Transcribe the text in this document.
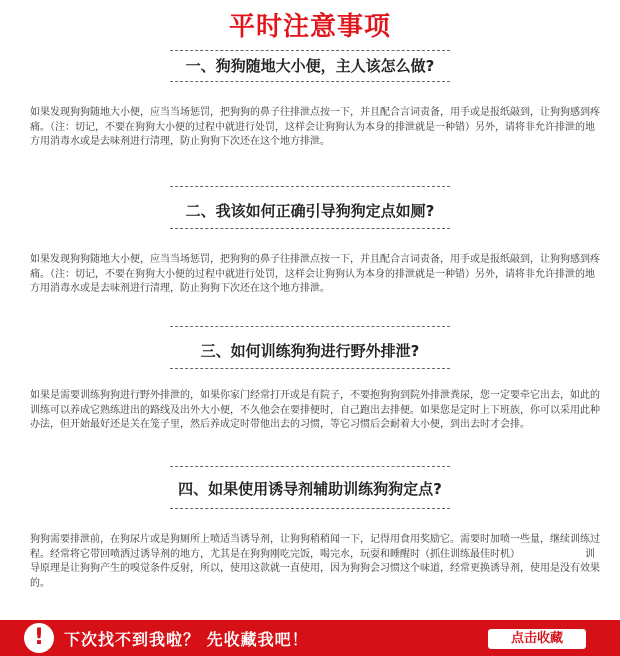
平时注意事项
一、狗狗随地大小便，主人该怎么做?
如果发现狗狗随地大小便，应当当场惩罚，把狗狗的鼻子往排泄点按一下，并且配合言词责备，用手或是报纸敲到，让狗狗感到疼痛。（注：切记，不要在狗狗大小便的过程中就进行处罚，这样会让狗狗认为本身的排泄就是一种错）另外，请将非允许排泄的地方用消毒水或是去味剂进行清理，防止狗狗下次还在这个地方排泄。
二、我该如何正确引导狗狗定点如厕?
如果发现狗狗随地大小便，应当当场惩罚，把狗狗的鼻子往排泄点按一下，并且配合言词责备，用手或是报纸敲到，让狗狗感到疼痛。（注：切记，不要在狗狗大小便的过程中就进行处罚，这样会让狗狗认为本身的排泄就是一种错）另外，请将非允许排泄的地方用消毒水或是去味剂进行清理，防止狗狗下次还在这个地方排泄。
三、如何训练狗狗进行野外排泄?
如果是需要训练狗狗进行野外排泄的，如果你家门经常打开或是有院子，不要抱狗狗到院外排泄粪尿，您一定要牵它出去，如此的训练可以养成它熟练进出的路线及出外大小便，不久他会在要排便时，自己跑出去排便。如果您是定时上下班族，你可以采用此种办法，但开始最好还是关在笼子里，然后养成定时带他出去的习惯，等它习惯后会耐着大小便，到出去时才会排。
四、如果使用诱导剂辅助训练狗狗定点?
狗狗需要排泄前，在狗尿片或是狗厕所上喷适当诱导剂，让狗狗稍稍闻一下，记得用食用奖励它。需要时加喷一些量，继续训练过程。经常将它带回喷洒过诱导剂的地方，尤其是在狗狗刚吃完饭，喝完水，玩耍和睡醒时（抓住训练最佳时机）　　　　　　　训导原理是让狗狗产生的嗅觉条件反射，所以，使用这款就一直使用，因为狗狗会习惯这个味道，经常更换诱导剂，使用是没有效果的。
!	下次找不到我啦？ 先收藏我吧！	点击收藏
